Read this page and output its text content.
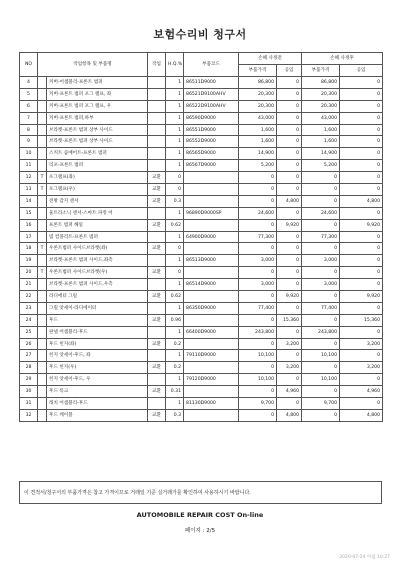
보험수리비 청구서
NO	작업항목 및 부품명		작업	H.Q.%	부품코드	손해 사정전		손해 사정후	
						부품가격	공임	부품가격	공임
4		커버-어셈블리-프론트 범퍼		1	86511D9000	86,800	0	86,800	0
5		커버-프론트 범퍼 포그 램프, 좌		1	86521D9100AHV	20,300	0	20,300	0
6		커버-프론트 범퍼 포그 램프, 우		1	86522D9100AHV	20,300	0	20,300	0
7		커버-프론트 범퍼,하부		1	86590D9000	43,000	0	43,000	0
8		브라켓-프론트 범퍼 상부 사이드		1	86551D9000	1,600	0	1,600	0
9		브라켓-프론트 범퍼 상부 사이드		1	86552D9000	1,600	0	1,600	0
10		스커트 콤베어트-프론트 범퍼		1	86565D9000	14,900	0	14,900	0
11		리포-프론트 범퍼		1	86567D9000	5,200	0	5,200	0
12	T	포그램프(좌)	교환	0		0	0	0	0
13	T	포그램프(우)	교환	0		0	0	0	0
14		전방 감지 센서	교환	0.3		0	4,800	0	4,800
15		울트라소닉 센서-스마트 파킹 어		1	96890D9000SP	24,600	0	24,600	0
16		프론트 범퍼 해일	교환	0.62		0	9,920	0	9,920
17		빔 컴플리트-프론트 범퍼		1	64900D9000	77,300	0	77,300	0
18	T	우론트범퍼 사이드브라켓(좌)	교환	0		0	0	0	0
19		브라켓-프론트 범퍼 사이드,좌측		1	86513D9000	3,000	0	3,000	0
20	T	우론트범퍼 사이드브라켓(우)	교환	0		0	0	0	0
21		브라켓-프론트 범퍼 사이드,우측		1	86514D9000	3,000	0	3,000	0
22		라디에터 그릴	교환	0.62		0	9,920	0	9,920
23		그릴 앗세이-라디에이터		1	86350D9000	77,400	0	77,400	0
24		후드	교환	0.96		0	15,360	0	15,360
25		판넬 어셈블리-후드		1	66400D9000	243,800	0	243,800	0
26		후드 힌지(좌)	교환	0.2		0	3,200	0	3,200
27		힌지 앗세이-후드, 좌		1	79110D9000	10,100	0	10,100	0
28		후드 힌지(우)	교환	0.2		0	3,200	0	3,200
29		힌지 앗세이-후드, 우		1	79120D9000	10,100	0	10,100	0
30		후드 록크	교환	0.31		0	4,960	0	4,960
31		래치 어셈블리-후드		1	81130D9000	9,700	0	9,700	0
32		후드 케이블	교환	0.3		0	4,800	0	4,800
이 견적서/청구서의 부품가격은 참고 가격이므로 거래일 기준 실거래가를 확인하여 사용하시기 바랍니다.
AUTOMOBILE REPAIR COST On-line
페이지 : 2/5
2020-07-24 아침 10:27
